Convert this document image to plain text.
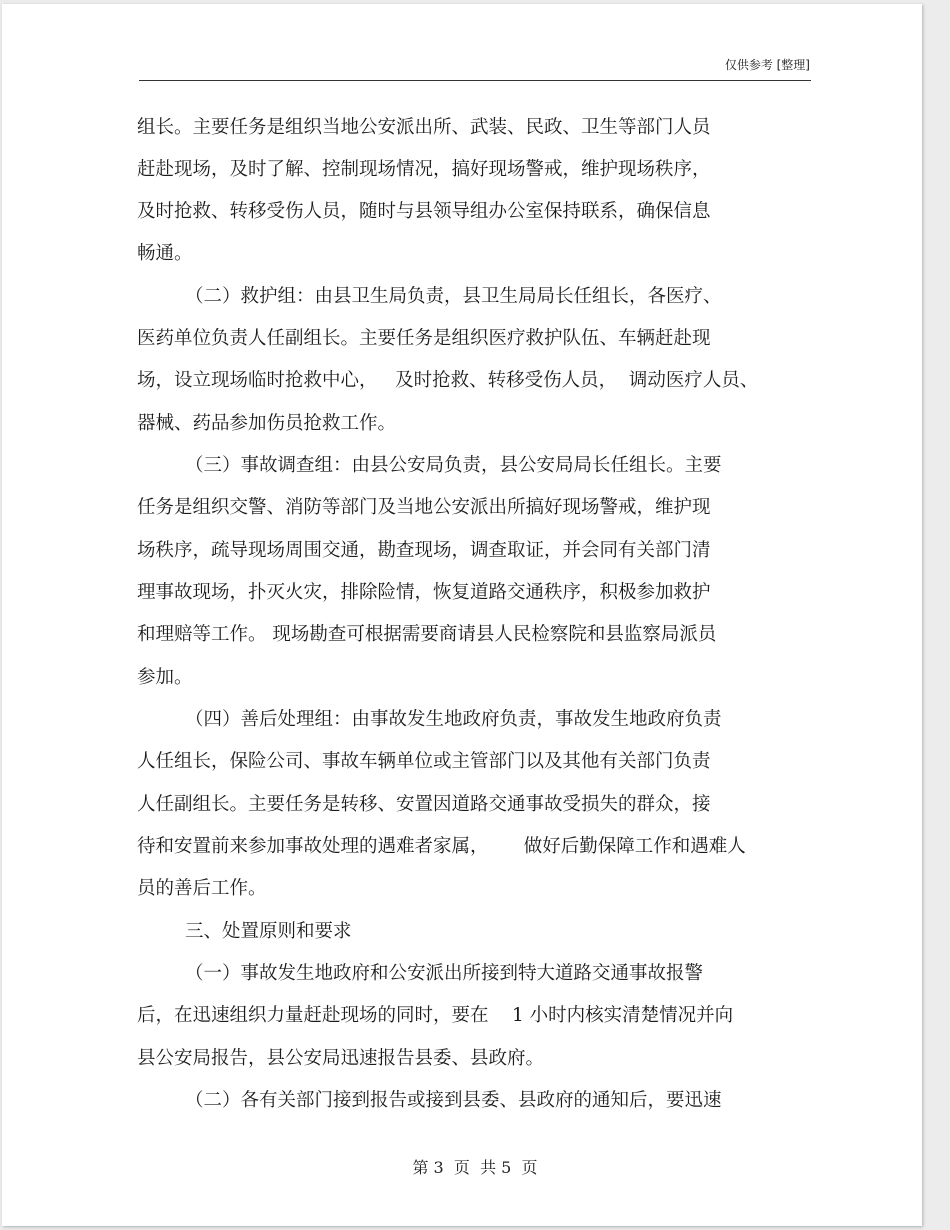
仅供参考 [整理]
组长。主要任务是组织当地公安派出所、武装、民政、卫生等部门人员
赶赴现场，及时了解、控制现场情况，搞好现场警戒，维护现场秩序，
及时抢救、转移受伤人员，随时与县领导组办公室保持联系，确保信息
畅通。
（二）救护组：由县卫生局负责，县卫生局局长任组长，各医疗、
医药单位负责人任副组长。主要任务是组织医疗救护队伍、车辆赶赴现
场，设立现场临时抢救中心，   及时抢救、转移受伤人员，  调动医疗人员、
器械、药品参加伤员抢救工作。
（三）事故调查组：由县公安局负责，县公安局局长任组长。主要
任务是组织交警、消防等部门及当地公安派出所搞好现场警戒，维护现
场秩序，疏导现场周围交通，勘查现场，调查取证，并会同有关部门清
理事故现场，扑灭火灾，排除险情，恢复道路交通秩序，积极参加救护
和理赔等工作。 现场勘查可根据需要商请县人民检察院和县监察局派员
参加。
（四）善后处理组：由事故发生地政府负责，事故发生地政府负责
人任组长，保险公司、事故车辆单位或主管部门以及其他有关部门负责
人任副组长。主要任务是转移、安置因道路交通事故受损失的群众，接
待和安置前来参加事故处理的遇难者家属，      做好后勤保障工作和遇难人
员的善后工作。
三、处置原则和要求
（一）事故发生地政府和公安派出所接到特大道路交通事故报警
后，在迅速组织力量赶赴现场的同时，要在    1 小时内核实清楚情况并向
县公安局报告，县公安局迅速报告县委、县政府。
（二）各有关部门接到报告或接到县委、县政府的通知后，要迅速
第 3  页  共 5  页
